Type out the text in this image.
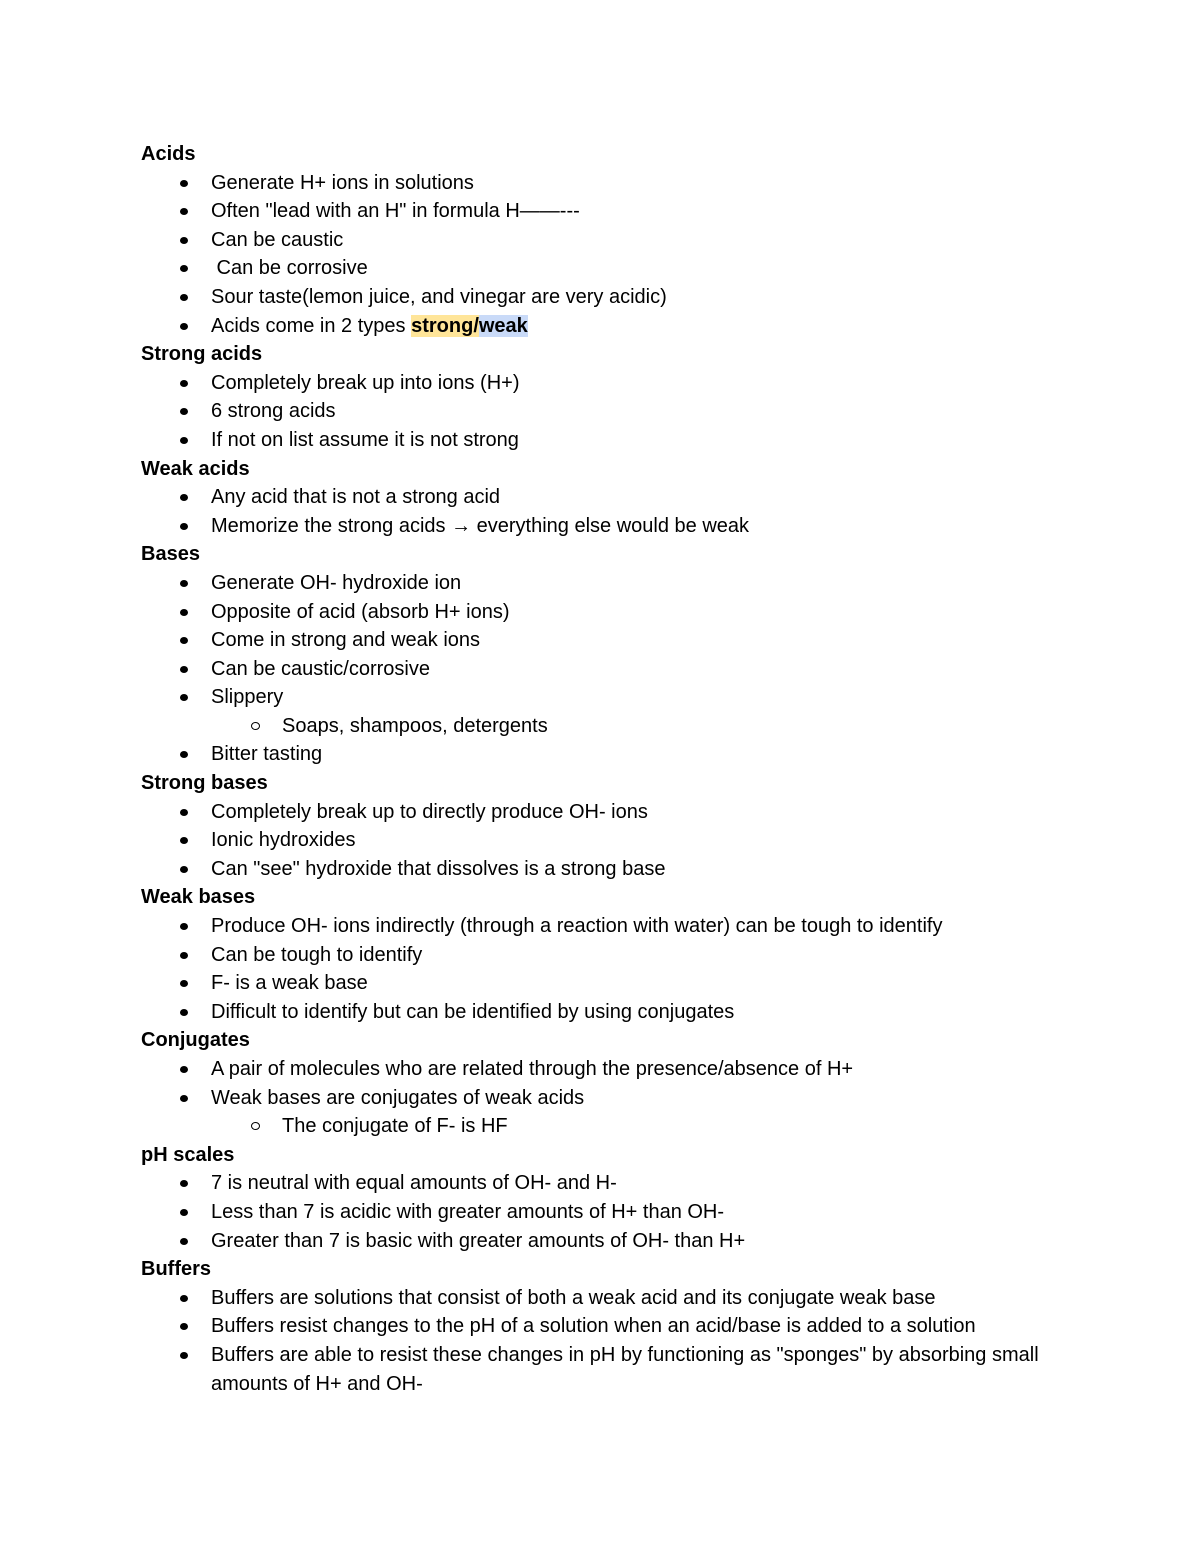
Acids
Generate H+ ions in solutions
Often "lead with an H" in formula H——---
Can be caustic
Can be corrosive
Sour taste(lemon juice, and vinegar are very acidic)
Acids come in 2 types strong/weak
Strong acids
Completely break up into ions (H+)
6 strong acids
If not on list assume it is not strong
Weak acids
Any acid that is not a strong acid
Memorize the strong acids → everything else would be weak
Bases
Generate OH- hydroxide ion
Opposite of acid (absorb H+ ions)
Come in strong and weak ions
Can be caustic/corrosive
Slippery
Soaps, shampoos, detergents
Bitter tasting
Strong bases
Completely break up to directly produce OH- ions
Ionic hydroxides
Can "see" hydroxide that dissolves is a strong base
Weak bases
Produce OH- ions indirectly (through a reaction with water) can be tough to identify
Can be tough to identify
F- is a weak base
Difficult to identify but can be identified by using conjugates
Conjugates
A pair of molecules who are related through the presence/absence of H+
Weak bases are conjugates of weak acids
The conjugate of F- is HF
pH scales
7 is neutral with equal amounts of OH- and H-
Less than 7 is acidic with greater amounts of H+ than OH-
Greater than 7 is basic with greater amounts of OH- than H+
Buffers
Buffers are solutions that consist of both a weak acid and its conjugate weak base
Buffers resist changes to the pH of a solution when an acid/base is added to a solution
Buffers are able to resist these changes in pH by functioning as "sponges" by absorbing small amounts of H+ and OH-
